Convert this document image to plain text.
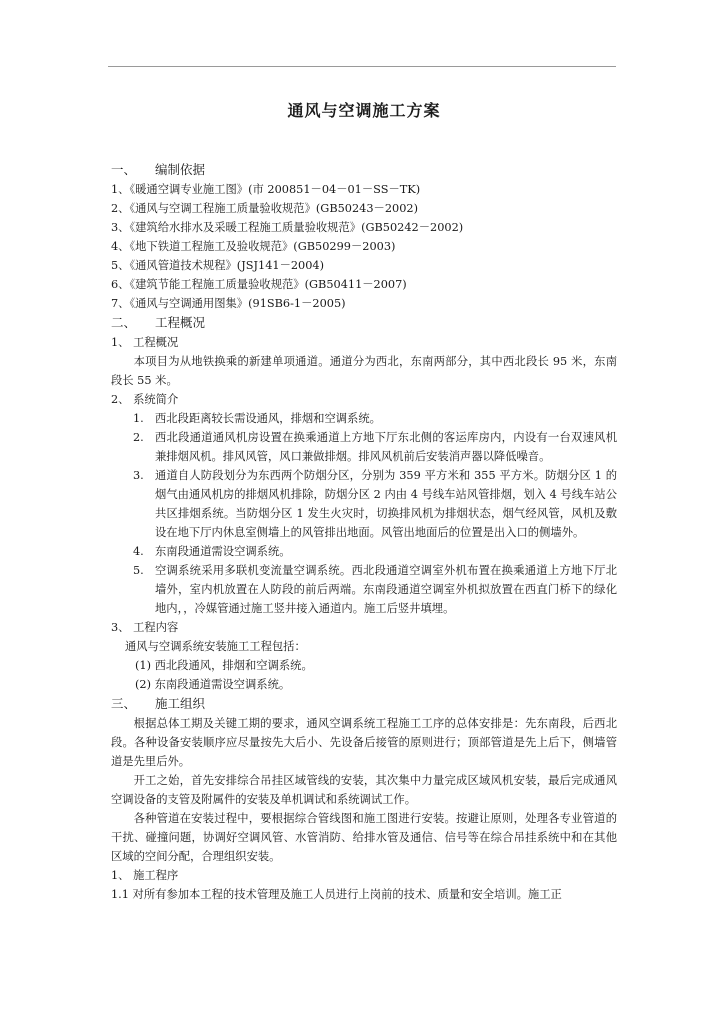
通风与空调施工方案
一、 编制依据
1、《暖通空调专业施工图》(市 200851－04－01－SS－TK)
2、《通风与空调工程施工质量验收规范》(GB50243－2002)
3、《建筑给水排水及采暖工程施工质量验收规范》(GB50242－2002)
4、《地下铁道工程施工及验收规范》(GB50299－2003)
5、《通风管道技术规程》(JSJ141－2004)
6、《建筑节能工程施工质量验收规范》(GB50411－2007)
7、《通风与空调通用图集》(91SB6-1－2005)
二、 工程概况
1、 工程概况

本项目为从地铁换乘的新建单项通道。通道分为西北，东南两部分，其中西北段长 95 米，东南段长 55 米。

2、 系统简介
1. 西北段距离较长需设通风，排烟和空调系统。
2. 西北段通道通风机房设置在换乘通道上方地下厅东北侧的客运库房内，内设有一台双速风机兼排烟风机。排风风管，风口兼做排烟。排风风机前后安装消声器以降低噪音。
3. 通道自人防段划分为东西两个防烟分区，分别为 359 平方米和 355 平方米。防烟分区 1 的烟气由通风机房的排烟风机排除，防烟分区 2 内由 4 号线车站风管排烟，划入 4 号线车站公共区排烟系统。当防烟分区 1 发生火灾时，切换排风机为排烟状态，烟气经风管，风机及敷设在地下厅内休息室侧墙上的风管排出地面。风管出地面后的位置是出入口的侧墙外。
4. 东南段通道需设空调系统。
5. 空调系统采用多联机变流量空调系统。西北段通道空调室外机布置在换乘通道上方地下厅北墙外，室内机放置在人防段的前后两端。东南段通道空调室外机拟放置在西直门桥下的绿化地内，，冷媒管通过施工竖井接入通道内。施工后竖井填埋。
3、 工程内容
通风与空调系统安装施工工程包括：
(1) 西北段通风，排烟和空调系统。
(2) 东南段通道需设空调系统。
三、 施工组织

根据总体工期及关键工期的要求，通风空调系统工程施工工序的总体安排是：先东南段，后西北段。各种设备安装顺序应尽量按先大后小、先设备后接管的原则进行；顶部管道是先上后下，侧墙管道是先里后外。

开工之始，首先安排综合吊挂区域管线的安装，其次集中力量完成区域风机安装，最后完成通风空调设备的支管及附属件的安装及单机调试和系统调试工作。

各种管道在安装过程中，要根据综合管线图和施工图进行安装。按避让原则，处理各专业管道的干扰、碰撞问题，协调好空调风管、水管消防、给排水管及通信、信号等在综合吊挂系统中和在其他区域的空间分配，合理组织安装。

1、 施工程序
1.1 对所有参加本工程的技术管理及施工人员进行上岗前的技术、质量和安全培训。施工正
